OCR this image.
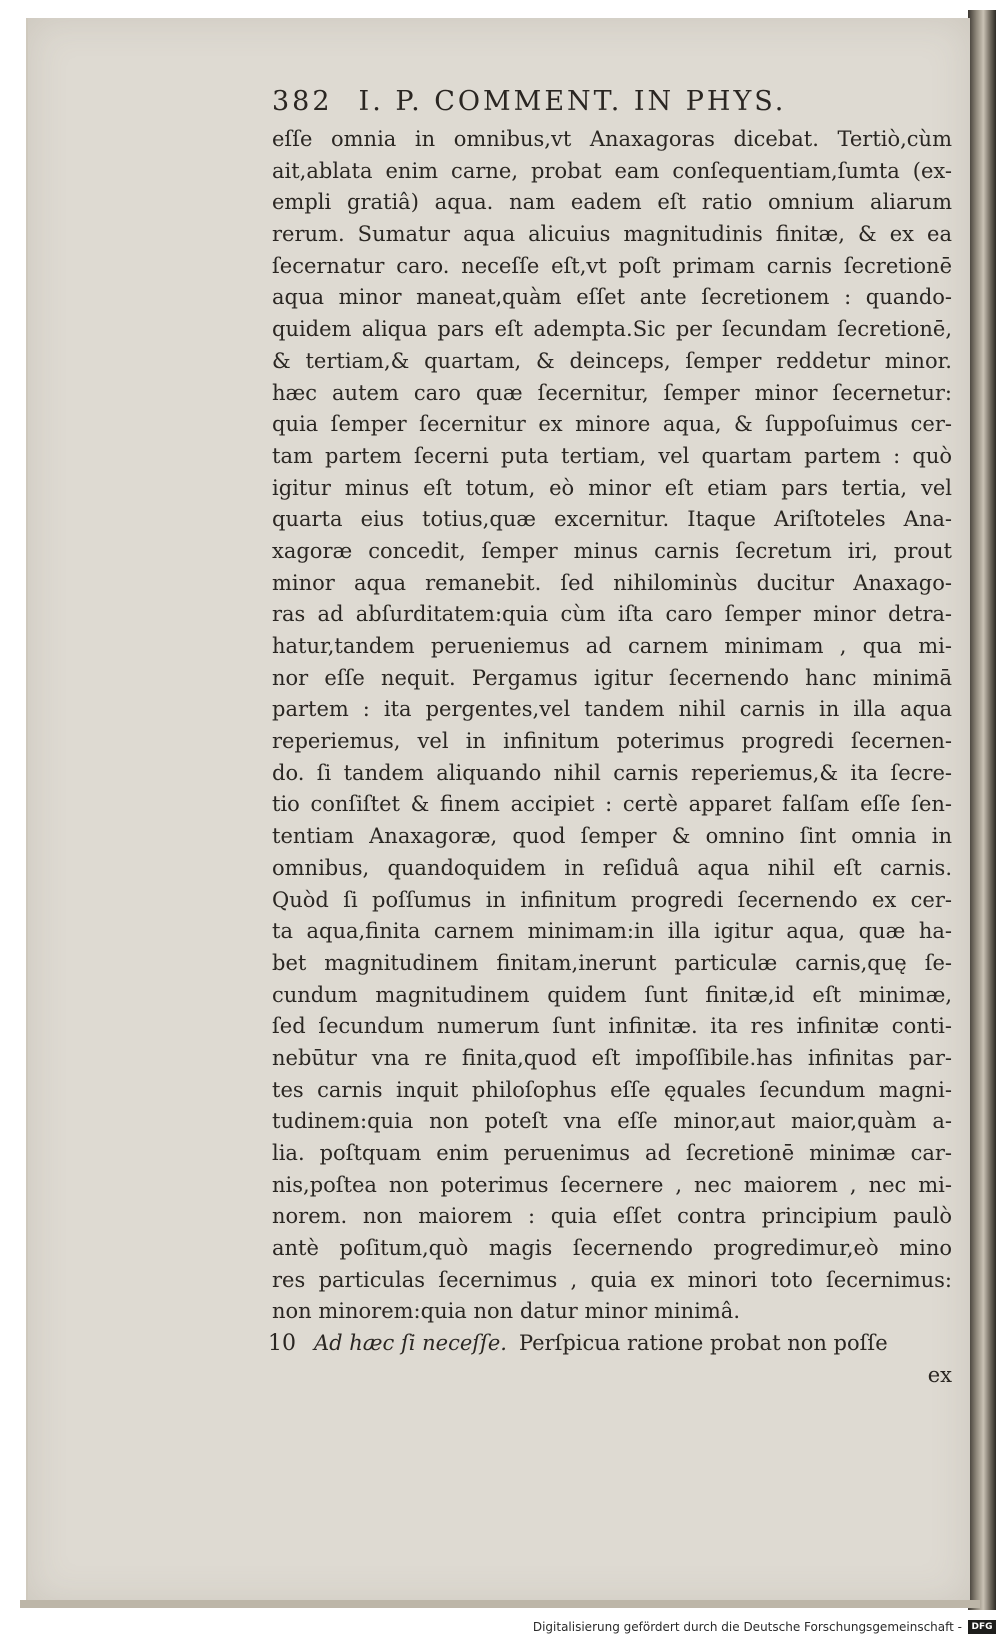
382 I. P. COMMENT. IN PHYS.
eſſe omnia in omnibus,vt Anaxagoras dicebat. Tertiò,cùm
ait,ablata enim carne, probat eam conſequentiam,ſumta (ex-
empli gratiâ) aqua. nam eadem eſt ratio omnium aliarum
rerum. Sumatur aqua alicuius magnitudinis finitæ, & ex ea
ſecernatur caro. neceſſe eſt,vt poſt primam carnis ſecretionē
aqua minor maneat,quàm eſſet ante ſecretionem : quando-
quidem aliqua pars eſt adempta.Sic per ſecundam ſecretionē,
& tertiam,& quartam, & deinceps, ſemper reddetur minor.
hæc autem caro quæ ſecernitur, ſemper minor ſecernetur:
quia ſemper ſecernitur ex minore aqua, & ſuppoſuimus cer-
tam partem ſecerni puta tertiam, vel quartam partem : quò
igitur minus eſt totum, eò minor eſt etiam pars tertia, vel
quarta eius totius,quæ excernitur. Itaque Ariſtoteles Ana-
xagoræ concedit, ſemper minus carnis ſecretum iri, prout
minor aqua remanebit. ſed nihilominùs ducitur Anaxago-
ras ad abſurditatem:quia cùm iſta caro ſemper minor detra-
hatur,tandem perueniemus ad carnem minimam , qua mi-
nor eſſe nequit. Pergamus igitur ſecernendo hanc minimā
partem : ita pergentes,vel tandem nihil carnis in illa aqua
reperiemus, vel in infinitum poterimus progredi ſecernen-
do. ſi tandem aliquando nihil carnis reperiemus,& ita ſecre-
tio conſiſtet & finem accipiet : certè apparet falſam eſſe ſen-
tentiam Anaxagoræ, quod ſemper & omnino ſint omnia in
omnibus, quandoquidem in reſiduâ aqua nihil eſt carnis.
Quòd ſi poſſumus in infinitum progredi ſecernendo ex cer-
ta aqua,finita carnem minimam:in illa igitur aqua, quæ ha-
bet magnitudinem finitam,inerunt particulæ carnis,quę ſe-
cundum magnitudinem quidem ſunt finitæ,id eſt minimæ,
ſed ſecundum numerum ſunt infinitæ. ita res infinitæ conti-
nebūtur vna re finita,quod eſt impoſſibile.has infinitas par-
tes carnis inquit philoſophus eſſe ęquales ſecundum magni-
tudinem:quia non poteſt vna eſſe minor,aut maior,quàm a-
lia. poſtquam enim peruenimus ad ſecretionē minimæ car-
nis,poſtea non poterimus ſecernere , nec maiorem , nec mi-
norem. non maiorem : quia eſſet contra principium paulò
antè poſitum,quò magis ſecernendo progredimur,eò mino
res particulas ſecernimus , quia ex minori toto ſecernimus:
non minorem:quia non datur minor minimâ.
10 Ad hæc ſi neceſſe. Perſpicua ratione probat non poſſe
ex
Digitalisierung gefördert durch die Deutsche Forschungsgemeinschaft -	DFG
